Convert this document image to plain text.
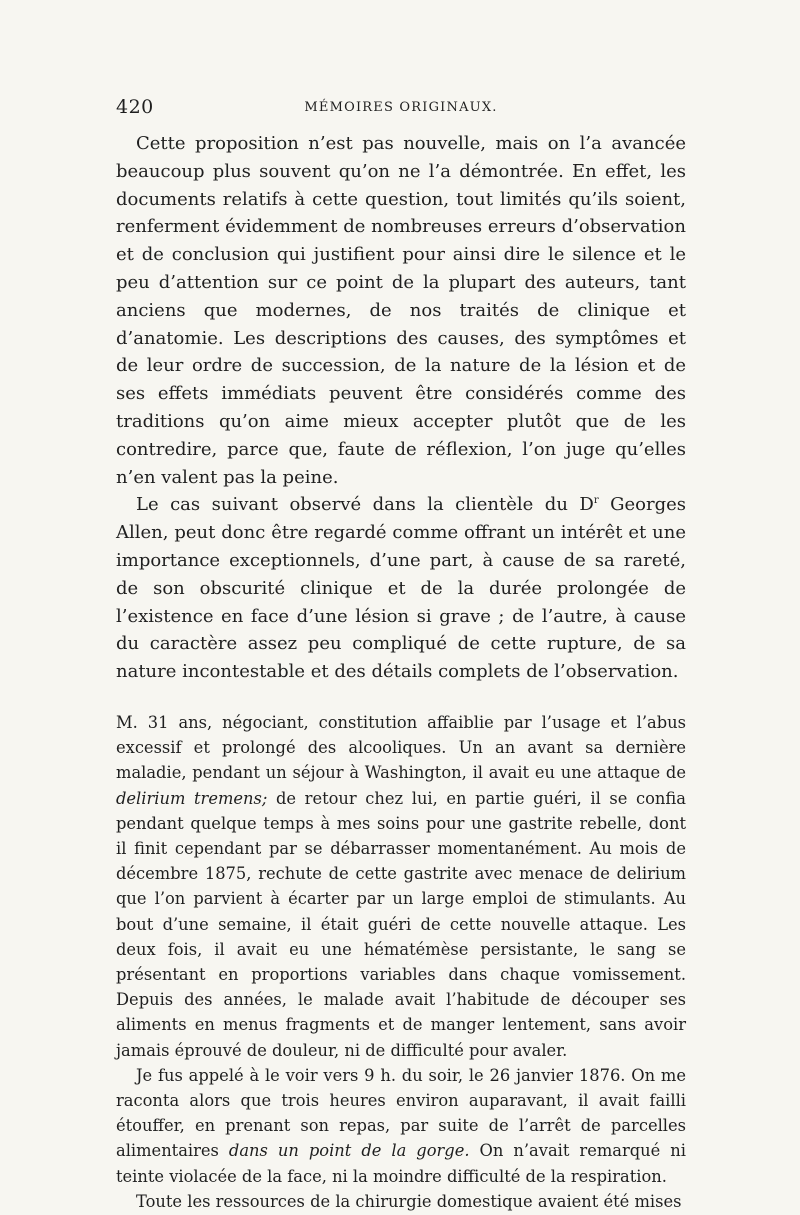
420	MÉMOIRES ORIGINAUX.

Cette proposition n’est pas nouvelle, mais on l’a avancée beaucoup plus souvent qu’on ne l’a démontrée. En effet, les documents relatifs à cette question, tout limités qu’ils soient, renferment évidemment de nombreuses erreurs d’observation et de conclusion qui justifient pour ainsi dire le silence et le peu d’attention sur ce point de la plupart des auteurs, tant anciens que modernes, de nos traités de clinique et d’anatomie. Les descriptions des causes, des symptômes et de leur ordre de succession, de la nature de la lésion et de ses effets immédiats peuvent être considérés comme des traditions qu’on aime mieux accepter plutôt que de les contredire, parce que, faute de réflexion, l’on juge qu’elles n’en valent pas la peine.

Le cas suivant observé dans la clientèle du $D^r$ Georges Allen, peut donc être regardé comme offrant un intérêt et une importance exceptionnels, d’une part, à cause de sa rareté, de son obscurité clinique et de la durée prolongée de l’existence en face d’une lésion si grave ; de l’autre, à cause du caractère assez peu compliqué de cette rupture, de sa nature incontestable et des détails complets de l’observation.

M. 31 ans, négociant, constitution affaiblie par l’usage et l’abus excessif et prolongé des alcooliques. Un an avant sa dernière maladie, pendant un séjour à Washington, il avait eu une attaque de delirium tremens; de retour chez lui, en partie guéri, il se confia pendant quelque temps à mes soins pour une gastrite rebelle, dont il finit cependant par se débarrasser momentanément. Au mois de décembre 1875, rechute de cette gastrite avec menace de delirium que l’on parvient à écarter par un large emploi de stimulants. Au bout d’une semaine, il était guéri de cette nouvelle attaque. Les deux fois, il avait eu une hématémèse persistante, le sang se présentant en proportions variables dans chaque vomissement. Depuis des années, le malade avait l’habitude de découper ses aliments en menus fragments et de manger lentement, sans avoir jamais éprouvé de douleur, ni de difficulté pour avaler.

Je fus appelé à le voir vers 9 h. du soir, le 26 janvier 1876. On me raconta alors que trois heures environ auparavant, il avait failli étouffer, en prenant son repas, par suite de l’arrêt de parcelles alimentaires dans un point de la gorge. On n’avait remarqué ni teinte violacée de la face, ni la moindre difficulté de la respiration.

Toute les ressources de la chirurgie domestique avaient été mises
